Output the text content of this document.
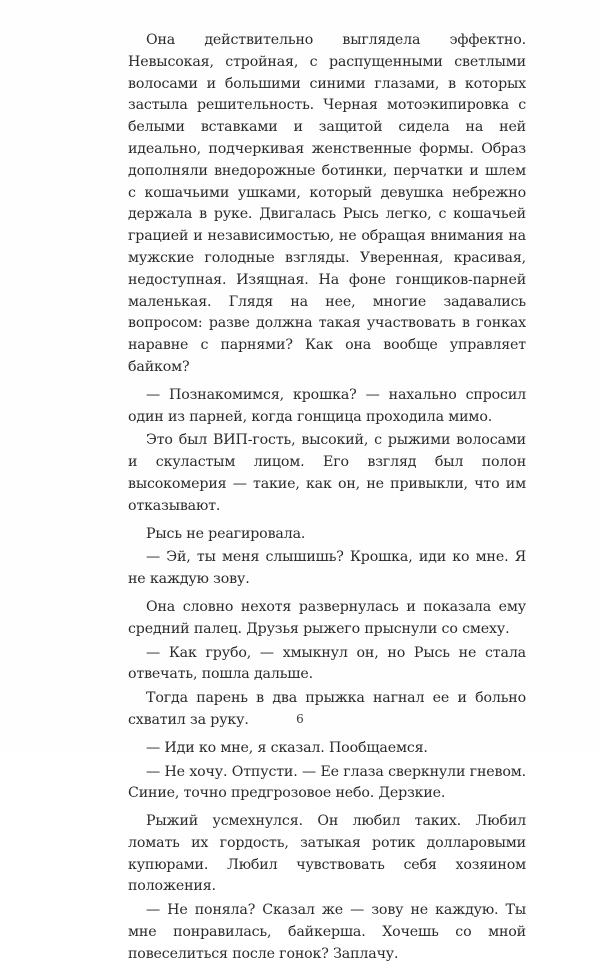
Она действительно выглядела эффектно. Невысокая, стройная, с распущенными светлыми волосами и большими синими глазами, в которых застыла решительность. Черная мотоэкипировка с белыми вставками и защитой сидела на ней идеально, подчеркивая женственные формы. Образ дополняли внедорожные ботинки, перчатки и шлем с кошачьими ушками, который девушка небрежно держала в руке. Двигалась Рысь легко, с кошачьей грацией и независимостью, не обращая внимания на мужские голодные взгляды. Уверенная, красивая, недоступная. Изящная. На фоне гонщиков-парней маленькая. Глядя на нее, многие задавались вопросом: разве должна такая участвовать в гонках наравне с парнями? Как она вообще управляет байком?

— Познакомимся, крошка? — нахально спросил один из парней, когда гонщица проходила мимо.

Это был ВИП-гость, высокий, с рыжими волосами и скуластым лицом. Его взгляд был полон высокомерия — такие, как он, не привыкли, что им отказывают.

Рысь не реагировала.

— Эй, ты меня слышишь? Крошка, иди ко мне. Я не каждую зову.

Она словно нехотя развернулась и показала ему средний палец. Друзья рыжего прыснули со смеху.

— Как грубо, — хмыкнул он, но Рысь не стала отвечать, пошла дальше.

Тогда парень в два прыжка нагнал ее и больно схватил за руку.

— Иди ко мне, я сказал. Пообщаемся.

— Не хочу. Отпусти. — Ее глаза сверкнули гневом. Синие, точно предгрозовое небо. Дерзкие.

Рыжий усмехнулся. Он любил таких. Любил ломать их гордость, затыкая ротик долларовыми купюрами. Любил чувствовать себя хозяином положения.

— Не поняла? Сказал же — зову не каждую. Ты мне понравилась, байкерша. Хочешь со мной повеселиться после гонок? Заплачу.

6
